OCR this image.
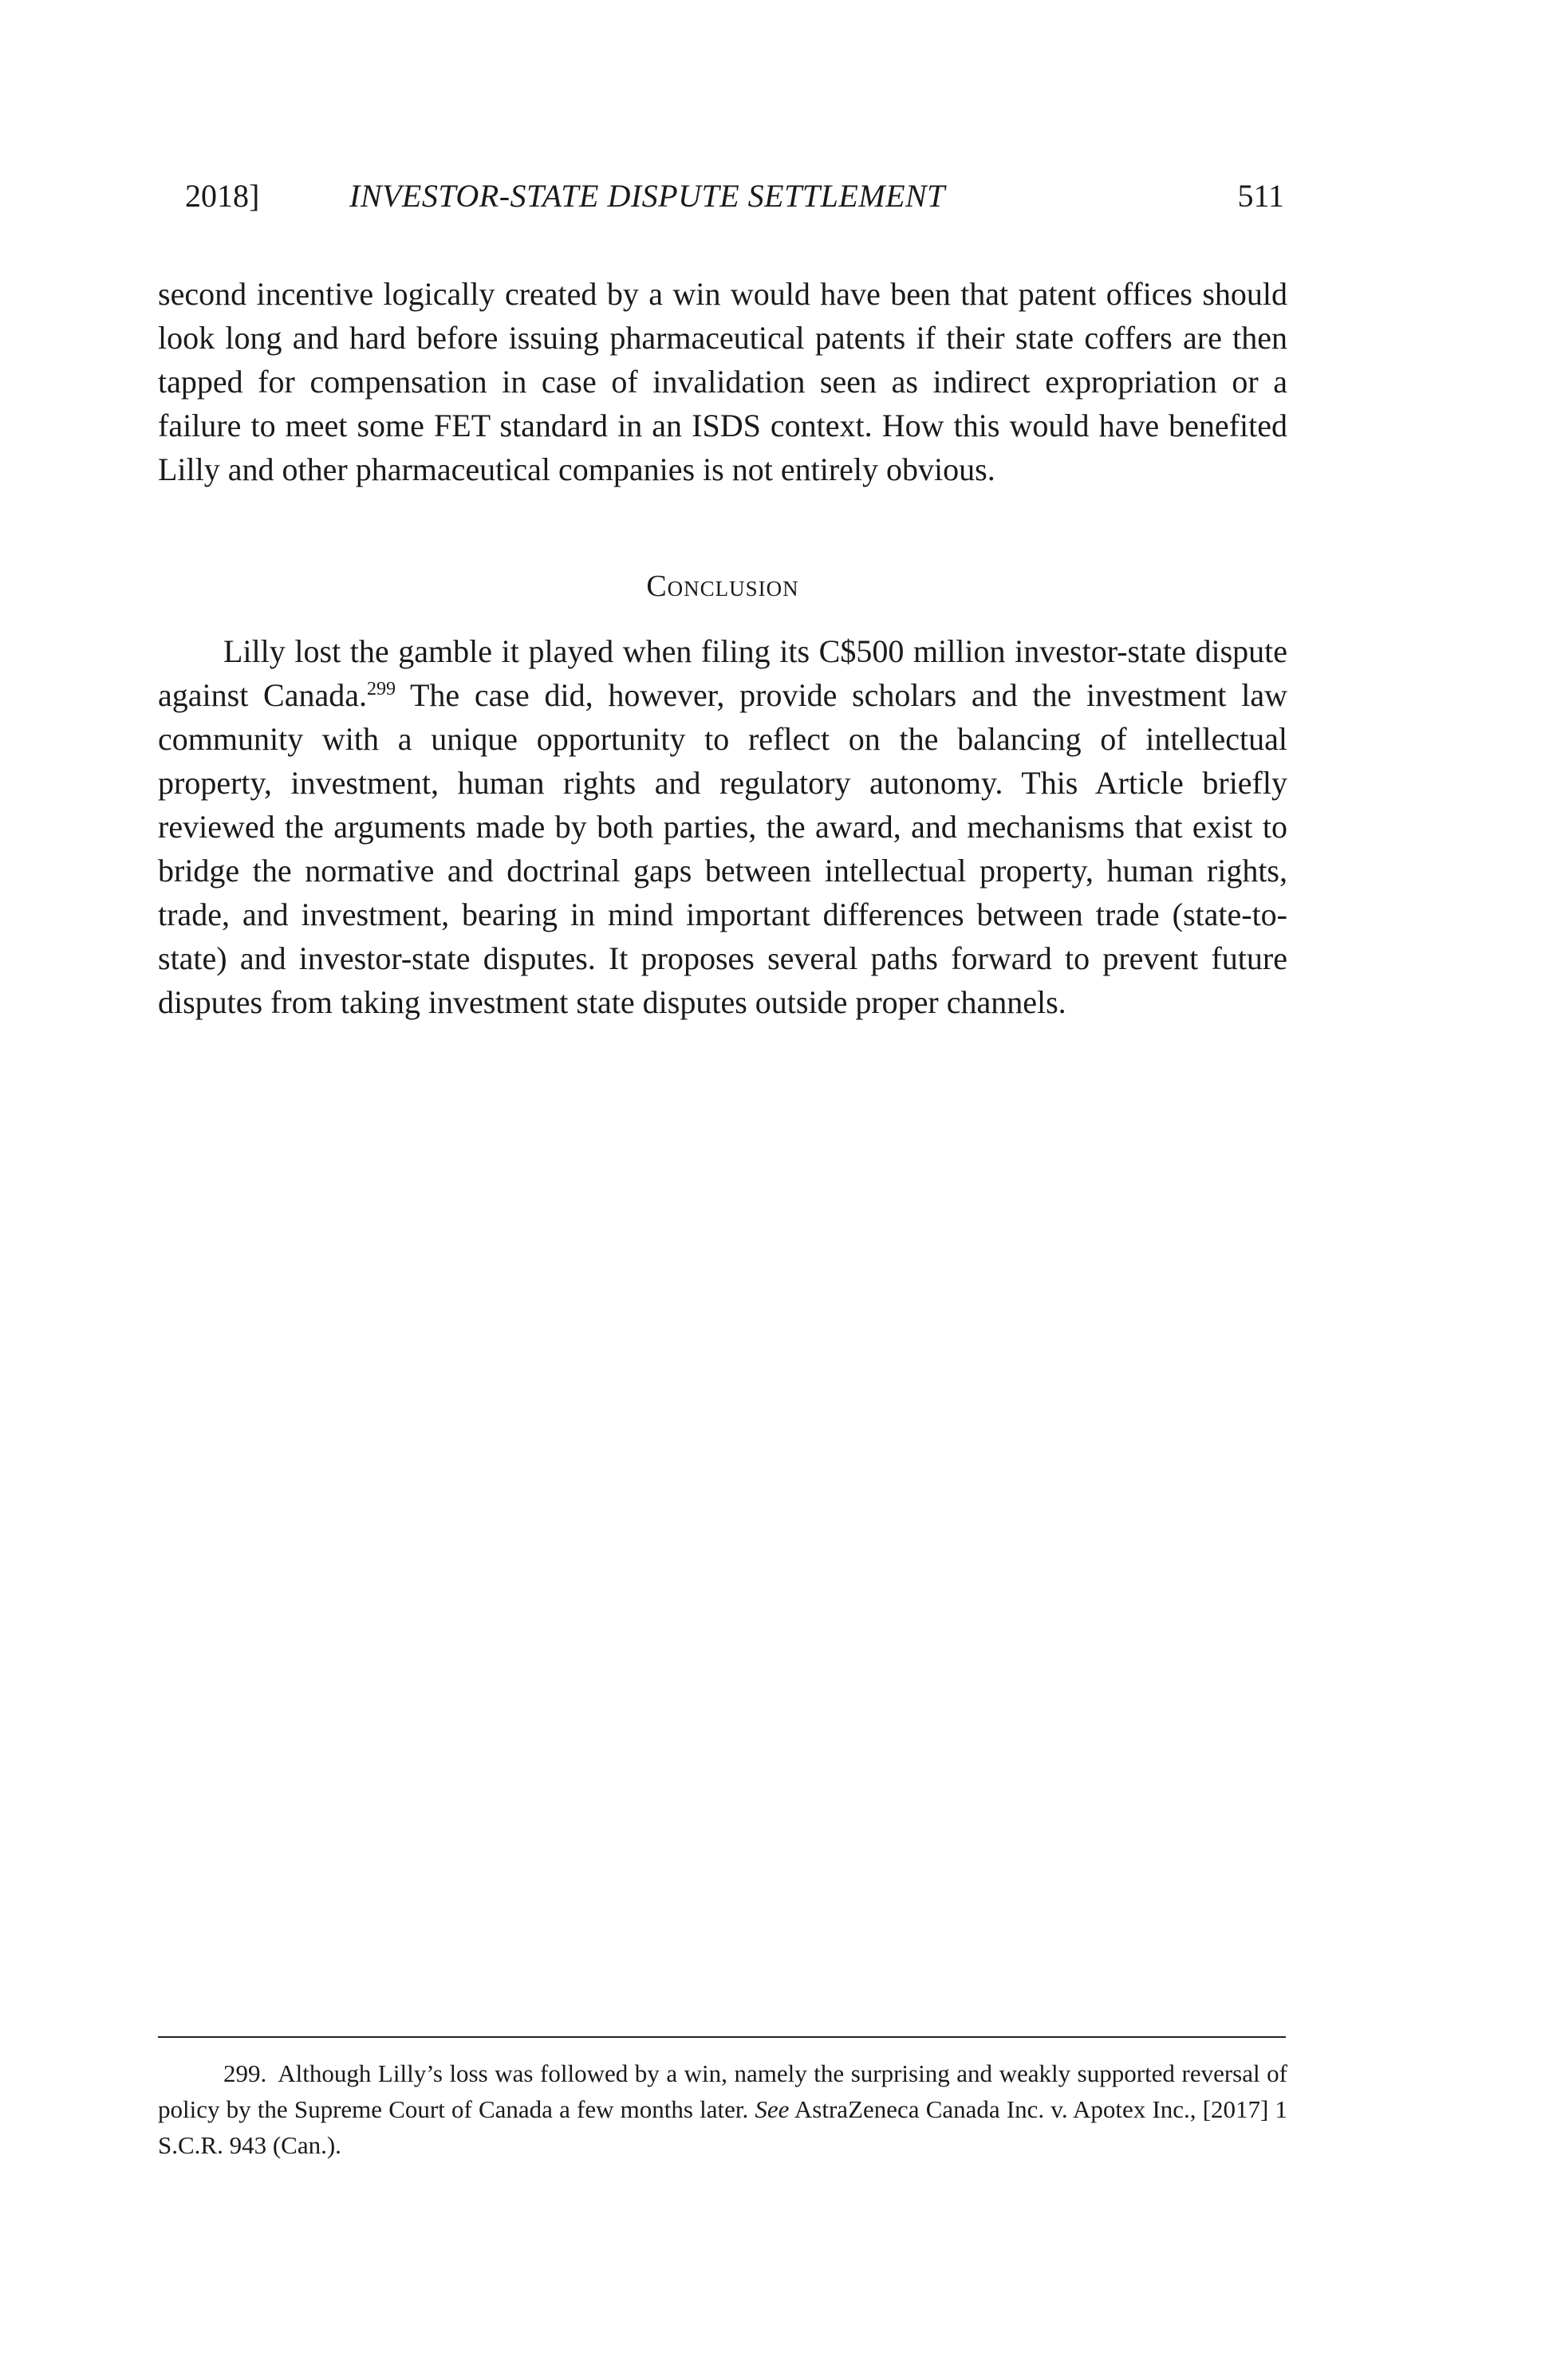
2018]	INVESTOR-STATE DISPUTE SETTLEMENT	511

second incentive logically created by a win would have been that patent offices should look long and hard before issuing pharmaceutical patents if their state coffers are then tapped for compensation in case of invalidation seen as indirect expropriation or a failure to meet some FET standard in an ISDS context. How this would have benefited Lilly and other pharmaceutical companies is not entirely obvious.

Conclusion

Lilly lost the gamble it played when filing its C$500 million investor-state dispute against Canada.$^{299}$ The case did, however, provide scholars and the investment law community with a unique opportunity to reflect on the balancing of intellectual property, investment, human rights and regulatory autonomy. This Article briefly reviewed the arguments made by both parties, the award, and mechanisms that exist to bridge the normative and doctrinal gaps between intellectual property, human rights, trade, and investment, bearing in mind important differences between trade (state-to-state) and investor-state disputes. It proposes several paths forward to prevent future disputes from taking investment state disputes outside proper channels.

299. Although Lilly’s loss was followed by a win, namely the surprising and weakly supported reversal of policy by the Supreme Court of Canada a few months later. See AstraZeneca Canada Inc. v. Apotex Inc., [2017] 1 S.C.R. 943 (Can.).
